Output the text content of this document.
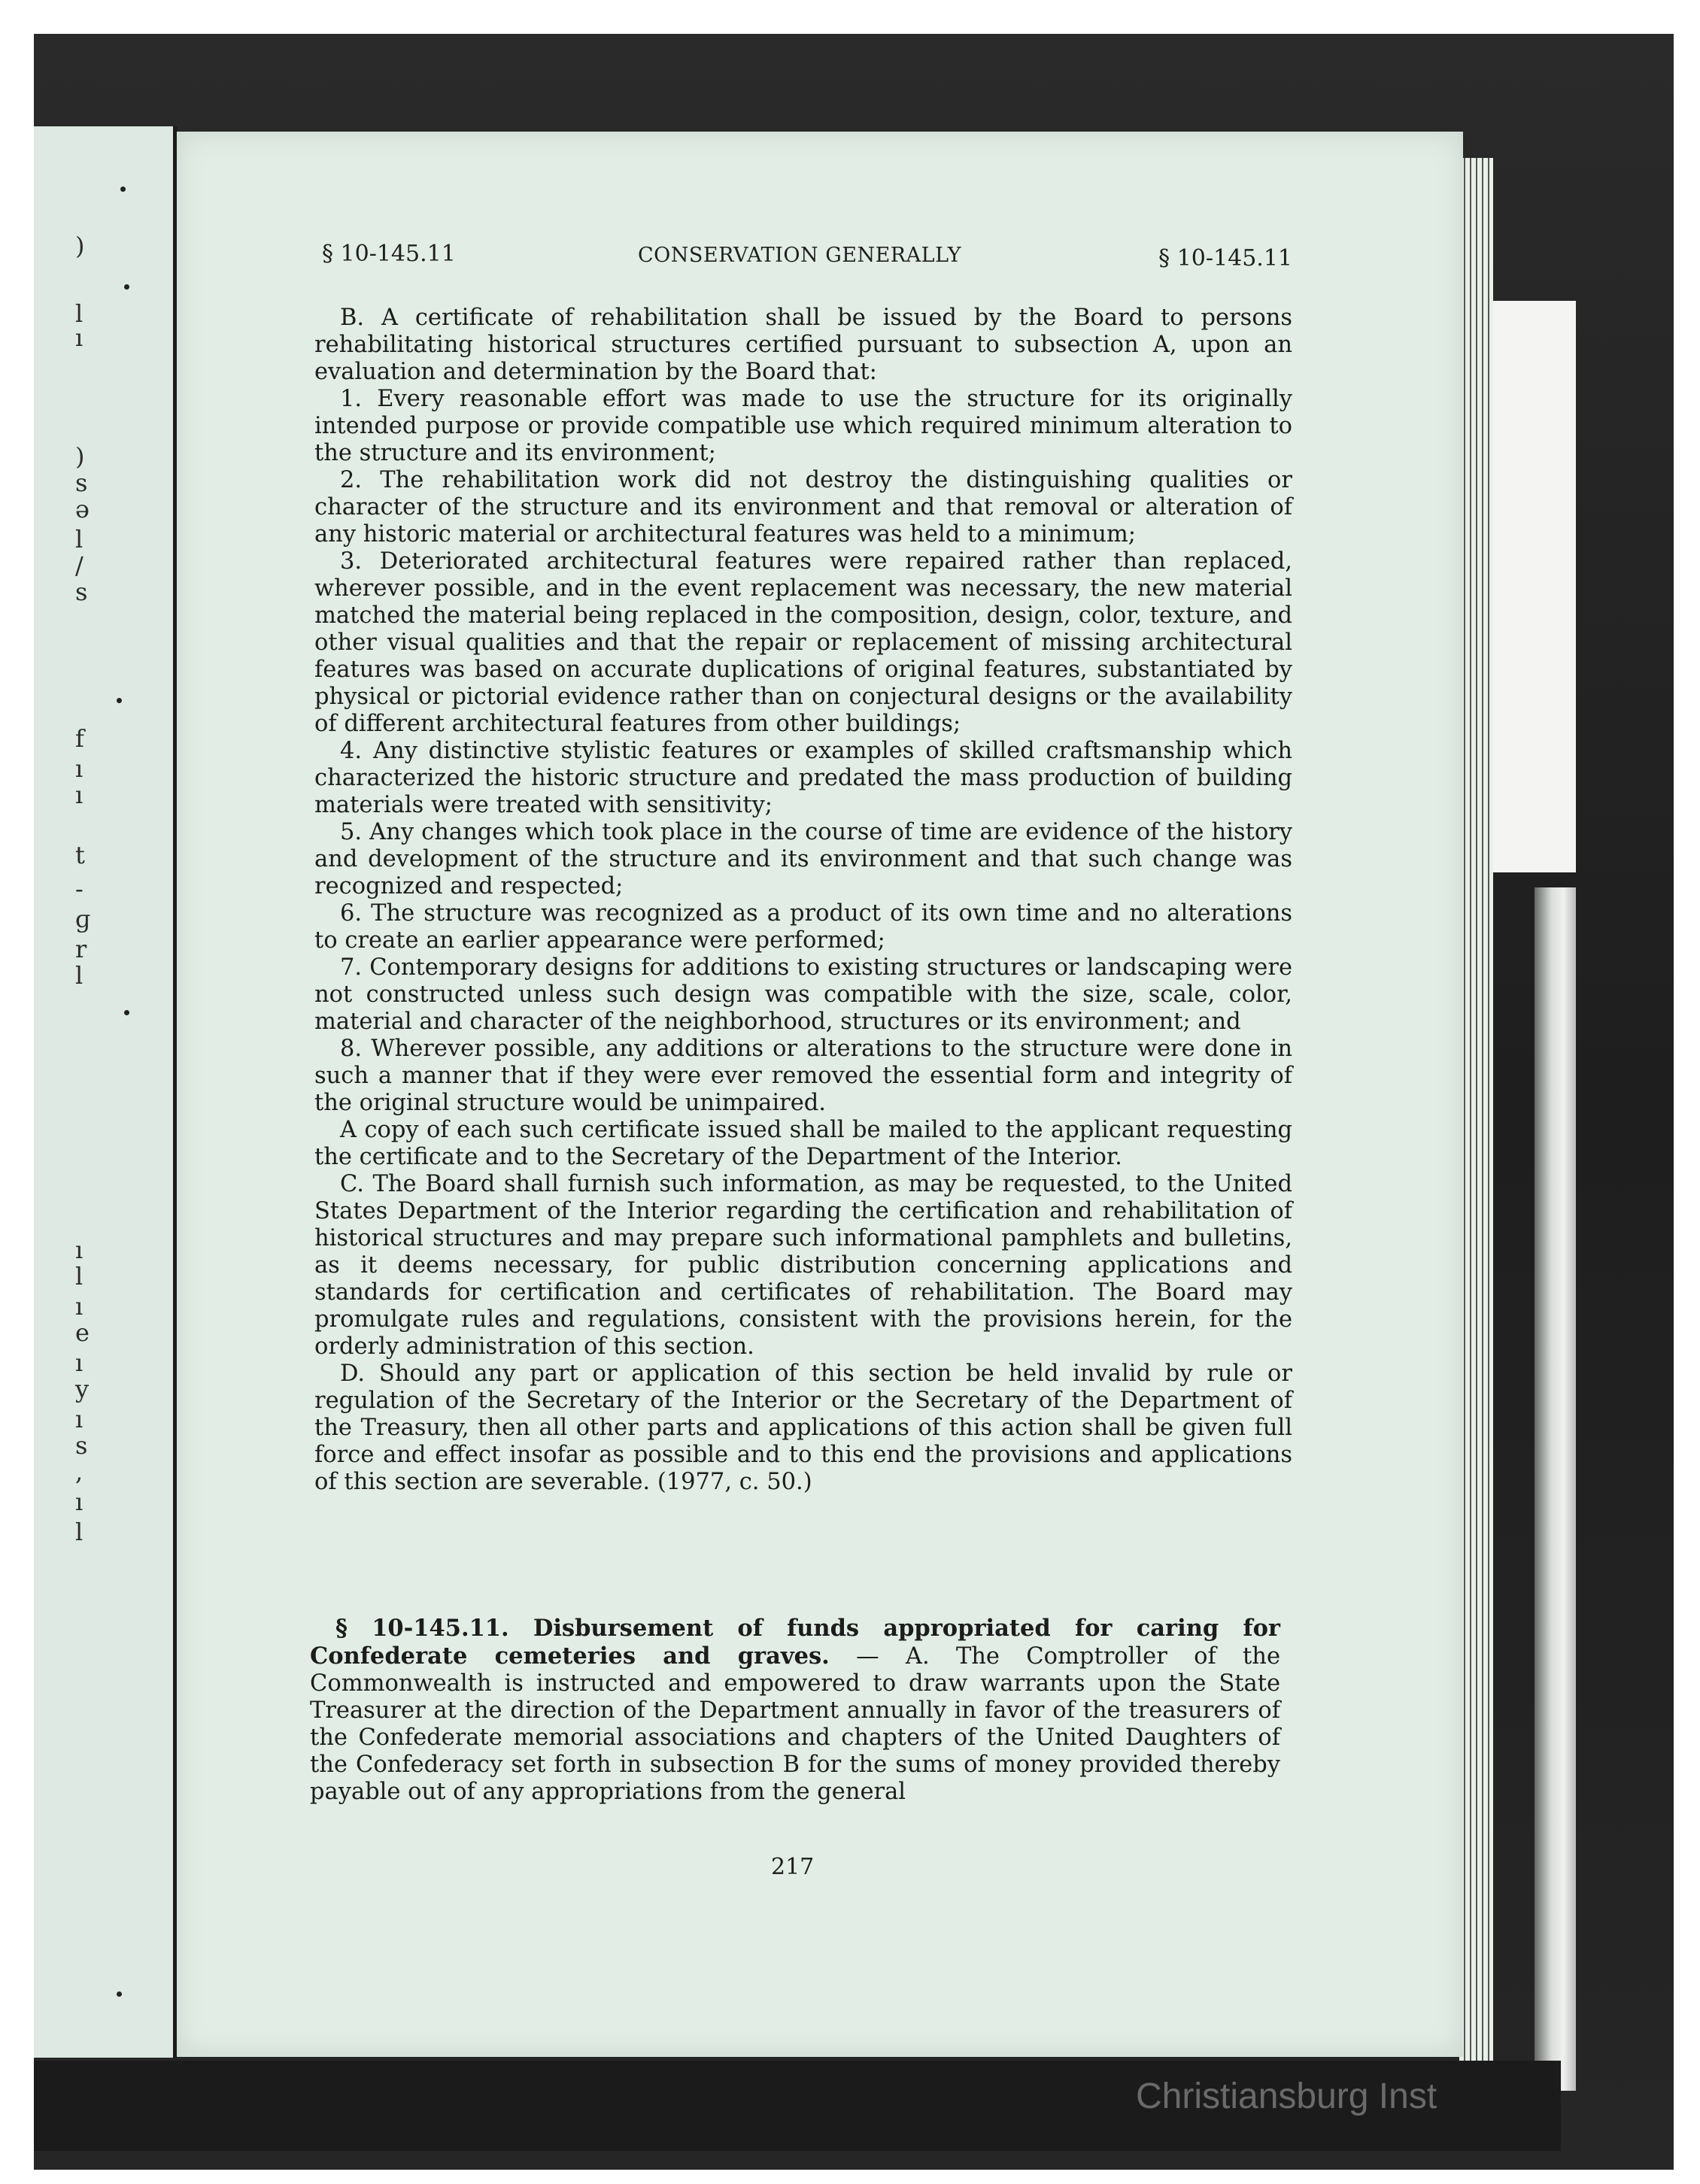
)
l
ı
)
s
ə
l
/
s
f
ı
ı
t
-
ɡ
r
l
ı
l
ı
e
ı
y
ı
s
,
ı
l
§ 10-145.11	CONSERVATION GENERALLY	§ 10-145.11

B. A certificate of rehabilitation shall be issued by the Board to persons rehabilitating historical structures certified pursuant to subsection A, upon an evaluation and determination by the Board that:

1. Every reasonable effort was made to use the structure for its originally intended purpose or provide compatible use which required minimum alteration to the structure and its environment;

2. The rehabilitation work did not destroy the distinguishing qualities or character of the structure and its environment and that removal or alteration of any historic material or architectural features was held to a minimum;

3. Deteriorated architectural features were repaired rather than replaced, wherever possible, and in the event replacement was necessary, the new material matched the material being replaced in the composition, design, color, texture, and other visual qualities and that the repair or replacement of missing architectural features was based on accurate duplications of original features, substantiated by physical or pictorial evidence rather than on conjectural designs or the availability of different architectural features from other buildings;

4. Any distinctive stylistic features or examples of skilled craftsmanship which characterized the historic structure and predated the mass production of building materials were treated with sensitivity;

5. Any changes which took place in the course of time are evidence of the history and development of the structure and its environment and that such change was recognized and respected;

6. The structure was recognized as a product of its own time and no alterations to create an earlier appearance were performed;

7. Contemporary designs for additions to existing structures or landscaping were not constructed unless such design was compatible with the size, scale, color, material and character of the neighborhood, structures or its environment; and

8. Wherever possible, any additions or alterations to the structure were done in such a manner that if they were ever removed the essential form and integrity of the original structure would be unimpaired.

A copy of each such certificate issued shall be mailed to the applicant requesting the certificate and to the Secretary of the Department of the Interior.

C. The Board shall furnish such information, as may be requested, to the United States Department of the Interior regarding the certification and rehabilitation of historical structures and may prepare such informational pamphlets and bulletins, as it deems necessary, for public distribution concerning applications and standards for certification and certificates of rehabilitation. The Board may promulgate rules and regulations, consistent with the provisions herein, for the orderly administration of this section.

D. Should any part or application of this section be held invalid by rule or regulation of the Secretary of the Interior or the Secretary of the Department of the Treasury, then all other parts and applications of this action shall be given full force and effect insofar as possible and to this end the provisions and applications of this section are severable. (1977, c. 50.)

§ 10-145.11. Disbursement of funds appropriated for caring for Confederate cemeteries and graves. — A. The Comptroller of the Commonwealth is instructed and empowered to draw warrants upon the State Treasurer at the direction of the Department annually in favor of the treasurers of the Confederate memorial associations and chapters of the United Daughters of the Confederacy set forth in subsection B for the sums of money provided thereby payable out of any appropriations from the general

217
Christiansburg Inst
